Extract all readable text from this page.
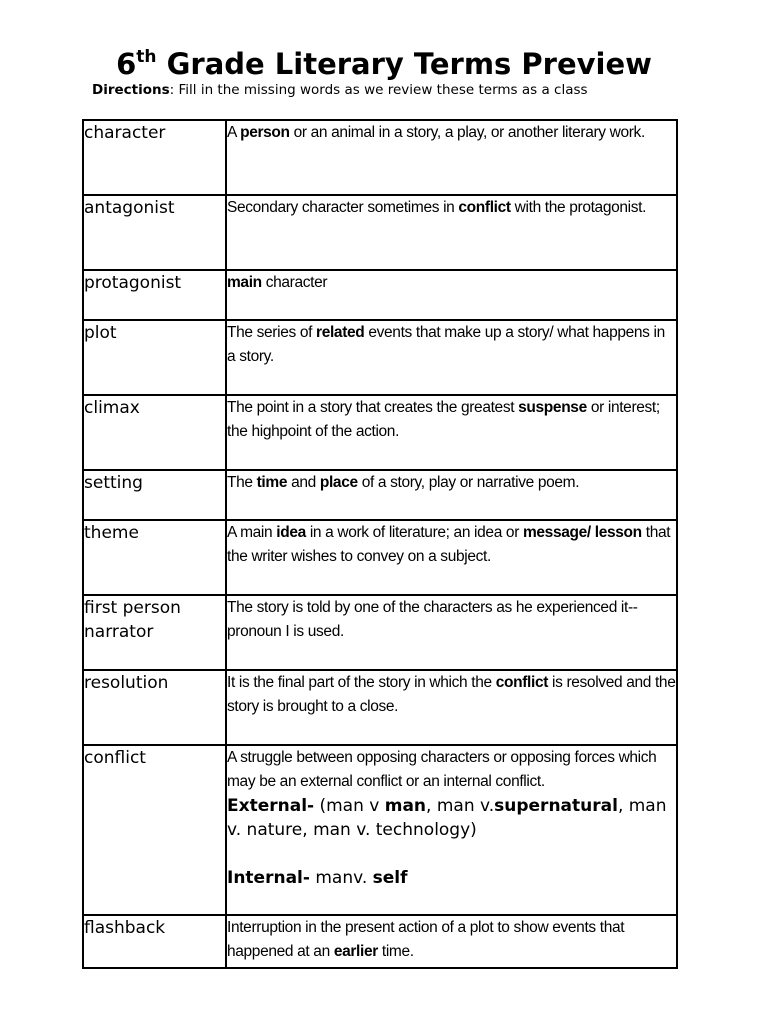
6th Grade Literary Terms Preview
Directions: Fill in the missing words as we review these terms as a class
character	A person or an animal in a story, a play, or another literary work.
antagonist	Secondary character sometimes in conflict with the protagonist.
protagonist	main character
plot	The series of related events that make up a story/ what happens in a story.
climax	The point in a story that creates the greatest suspense or interest; the highpoint of the action.
setting	The time and place of a story, play or narrative poem.
theme	A main idea in a work of literature; an idea or message/ lesson that the writer wishes to convey on a subject.
first person narrator	The story is told by one of the characters as he experienced it--pronoun I is used.
resolution	It is the final part of the story in which the conflict is resolved and the story is brought to a close.
conflict	A struggle between opposing characters or opposing forces which may be an external conflict or an internal conflict.
External- (man v man, man v.supernatural, man v. nature, man v. technology)
Internal- manv. self

flashback	Interruption in the present action of a plot to show events that happened at an earlier time.
